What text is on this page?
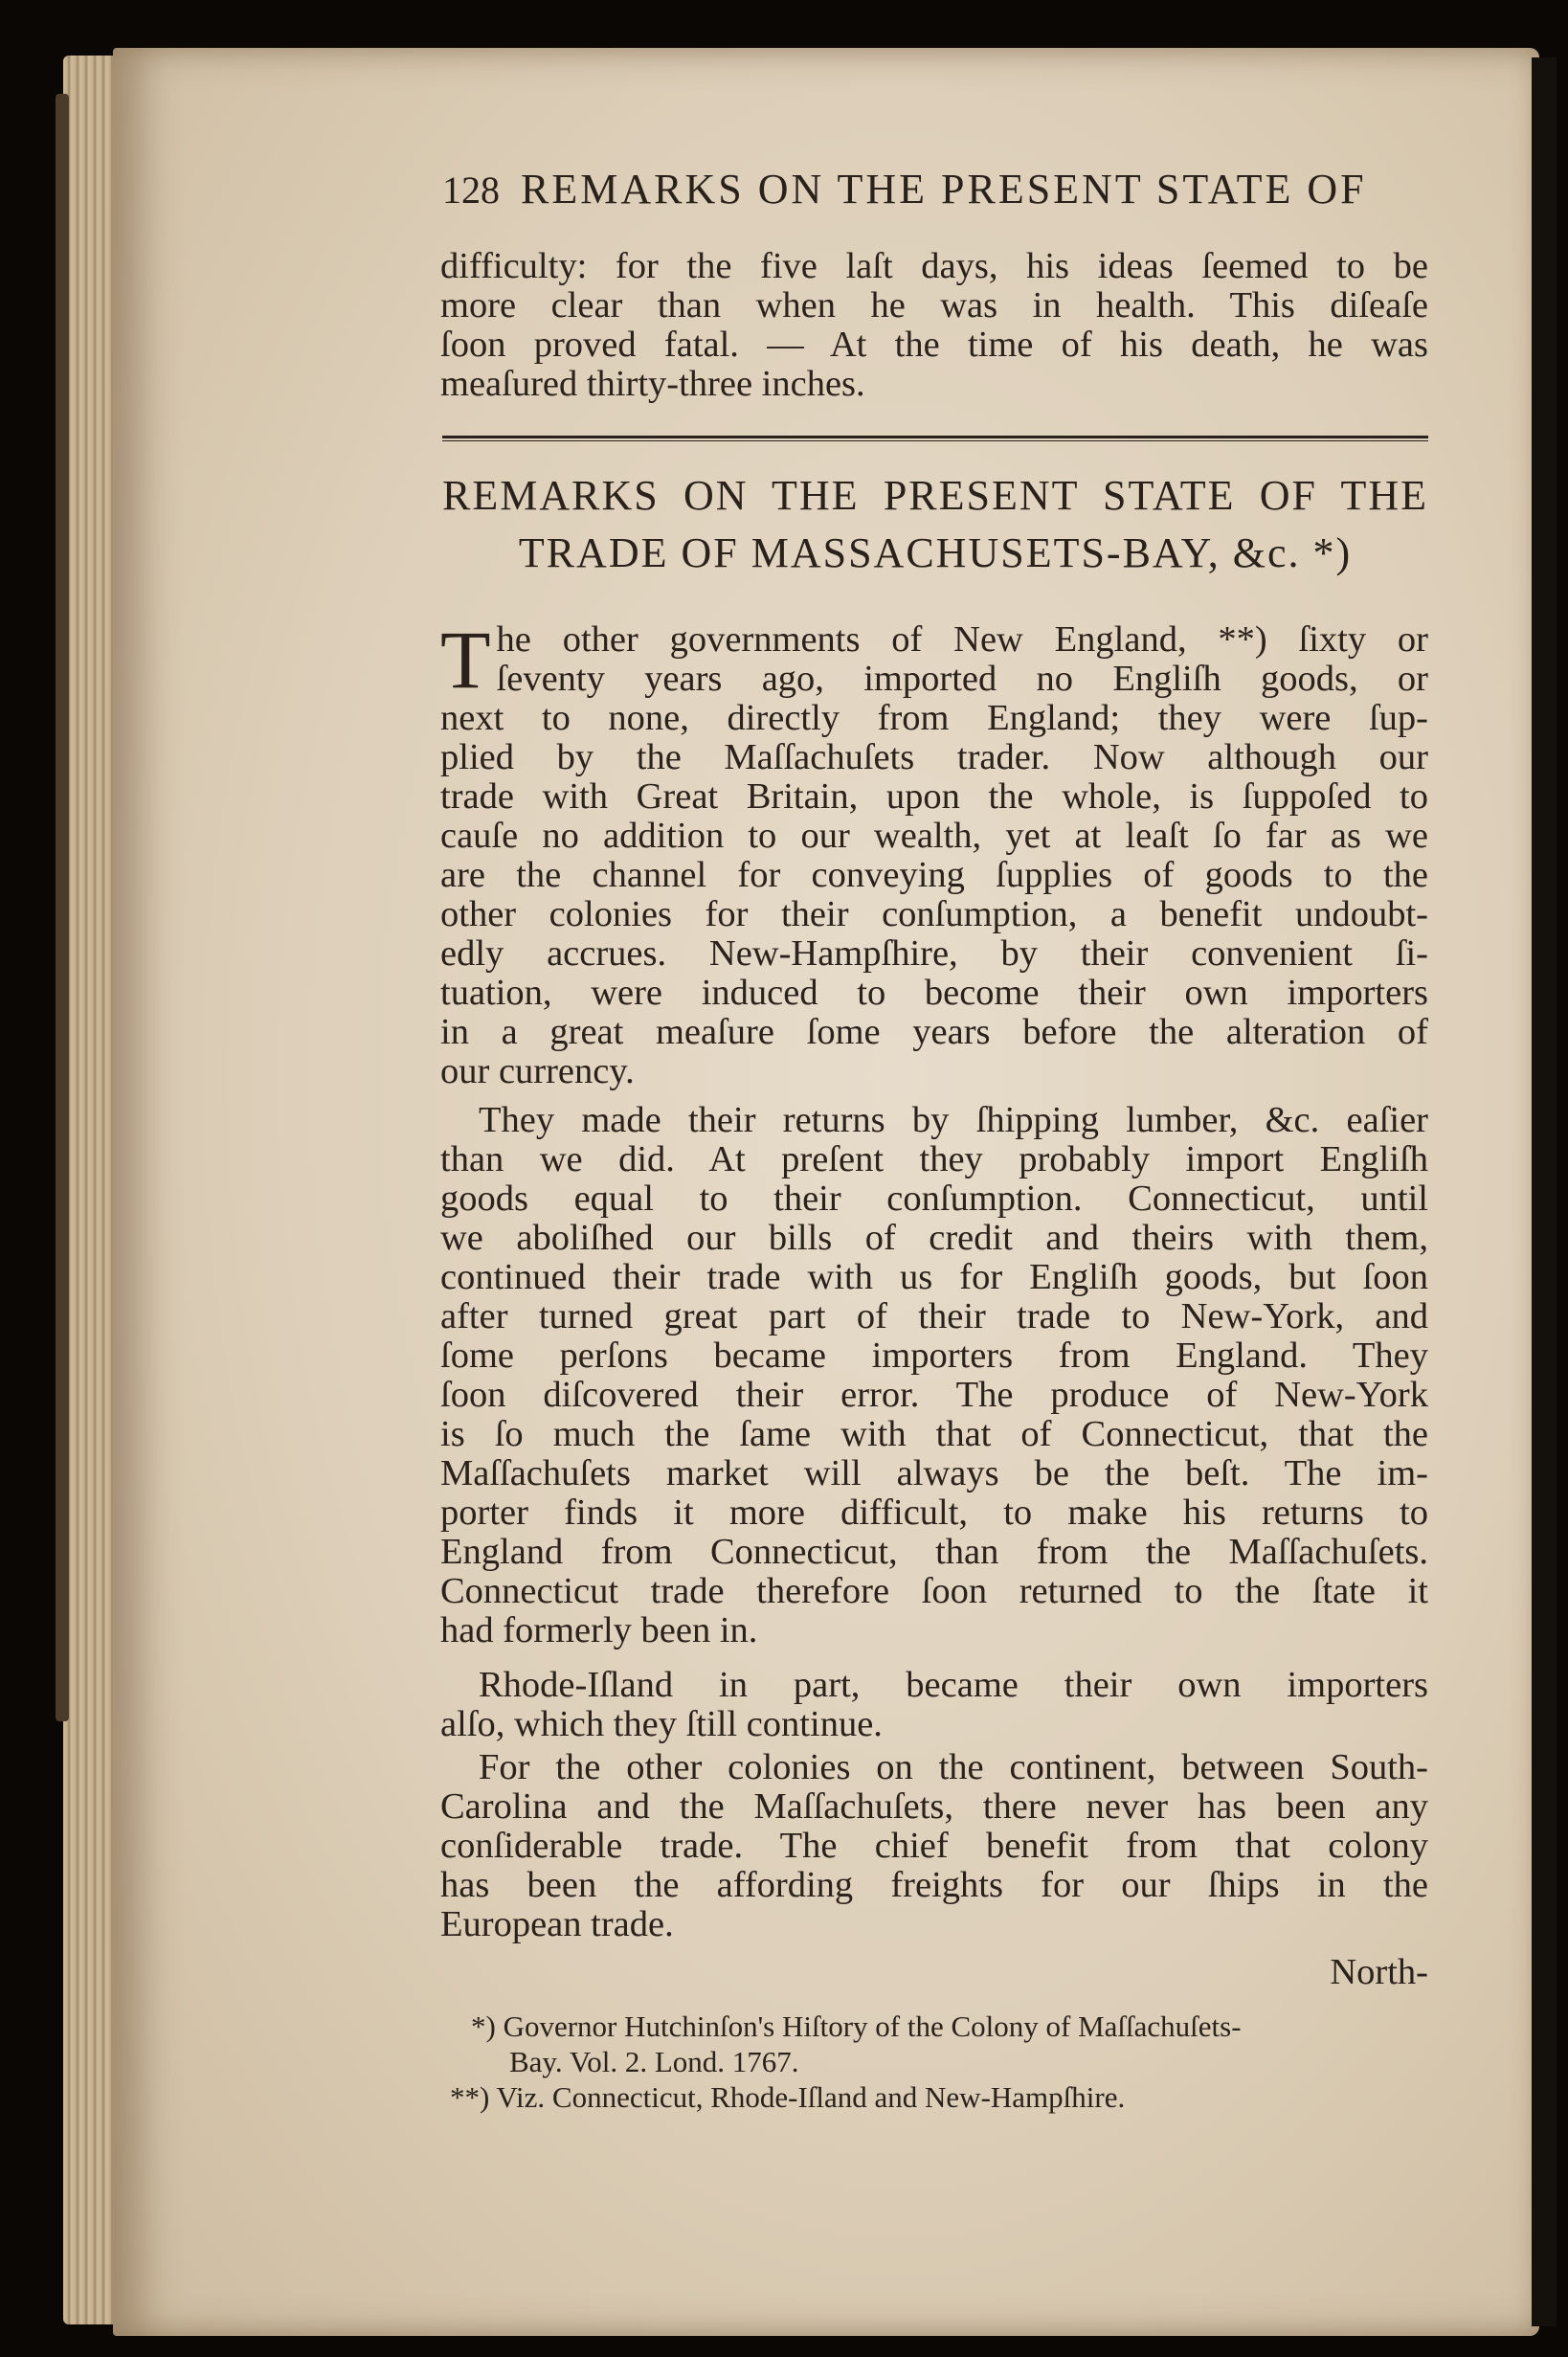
128 REMARKS ON THE PRESENT STATE OF
difficulty: for the five laſt days, his ideas ſeemed to be
more clear than when he was in health. This diſeaſe
ſoon proved fatal. — At the time of his death, he was
meaſured thirty-three inches.
REMARKS ON THE PRESENT STATE OF THE
TRADE OF MASSACHUSETS-BAY, &c. *)
T he other governments of New England, **) ſixty or
ſeventy years ago, imported no Engliſh goods, or
next to none, directly from England; they were ſup-
plied by the Maſſachuſets trader. Now although our
trade with Great Britain, upon the whole, is ſuppoſed to
cauſe no addition to our wealth, yet at leaſt ſo far as we
are the channel for conveying ſupplies of goods to the
other colonies for their conſumption, a benefit undoubt-
edly accrues. New-Hampſhire, by their convenient ſi-
tuation, were induced to become their own importers
in a great meaſure ſome years before the alteration of
our currency.
They made their returns by ſhipping lumber, &c. eaſier
than we did. At preſent they probably import Engliſh
goods equal to their conſumption. Connecticut, until
we aboliſhed our bills of credit and theirs with them,
continued their trade with us for Engliſh goods, but ſoon
after turned great part of their trade to New-York, and
ſome perſons became importers from England. They
ſoon diſcovered their error. The produce of New-York
is ſo much the ſame with that of Connecticut, that the
Maſſachuſets market will always be the beſt. The im-
porter finds it more difficult, to make his returns to
England from Connecticut, than from the Maſſachuſets.
Connecticut trade therefore ſoon returned to the ſtate it
had formerly been in.
Rhode-Iſland in part, became their own importers
alſo, which they ſtill continue.
For the other colonies on the continent, between South-
Carolina and the Maſſachuſets, there never has been any
conſiderable trade. The chief benefit from that colony
has been the affording freights for our ſhips in the
European trade.
North-
*) Governor Hutchinſon's Hiſtory of the Colony of Maſſachuſets-
Bay. Vol. 2. Lond. 1767.
**) Viz. Connecticut, Rhode-Iſland and New-Hampſhire.
